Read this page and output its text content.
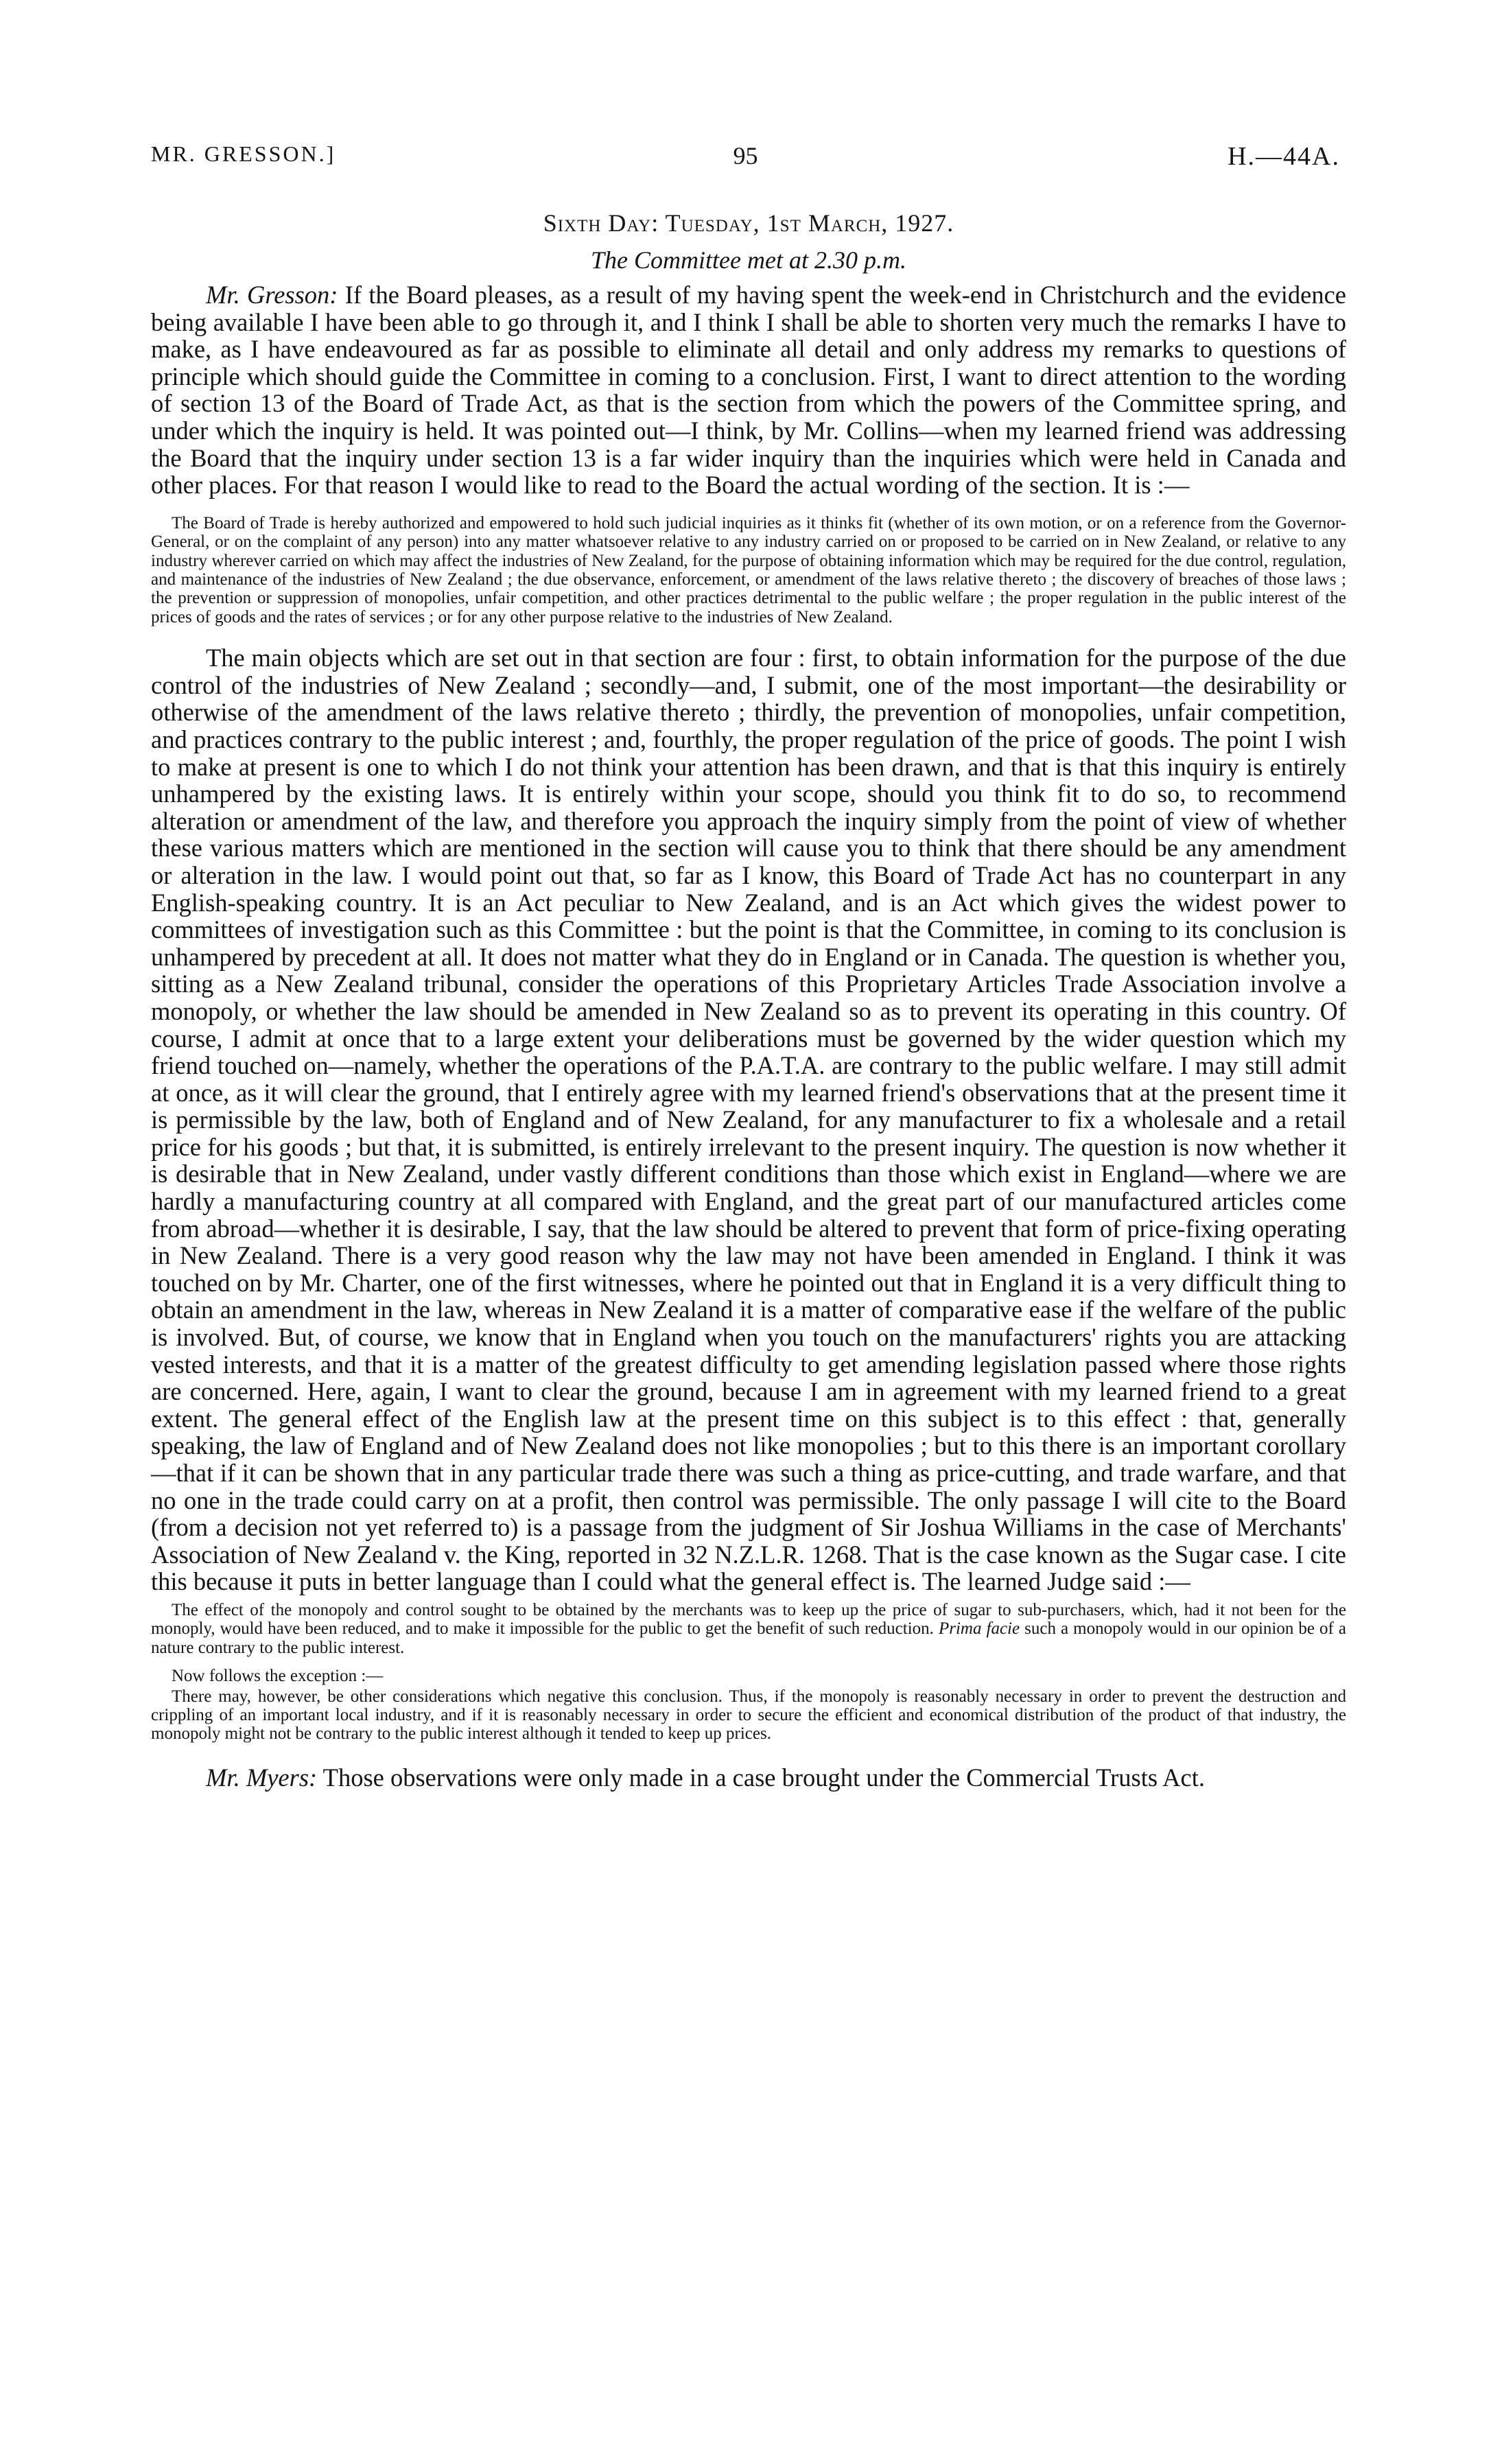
MR. GRESSON.]	95	H.—44A.
Sixth Day: Tuesday, 1st March, 1927.
The Committee met at 2.30 p.m.

Mr. Gresson: If the Board pleases, as a result of my having spent the week-end in Christchurch and the evidence being available I have been able to go through it, and I think I shall be able to shorten very much the remarks I have to make, as I have endeavoured as far as possible to eliminate all detail and only address my remarks to questions of principle which should guide the Committee in coming to a conclusion. First, I want to direct attention to the wording of section 13 of the Board of Trade Act, as that is the section from which the powers of the Committee spring, and under which the inquiry is held. It was pointed out—I think, by Mr. Collins—when my learned friend was addressing the Board that the inquiry under section 13 is a far wider inquiry than the inquiries which were held in Canada and other places. For that reason I would like to read to the Board the actual wording of the section. It is :—

The Board of Trade is hereby authorized and empowered to hold such judicial inquiries as it thinks fit (whether of its own motion, or on a reference from the Governor-General, or on the complaint of any person) into any matter whatsoever relative to any industry carried on or proposed to be carried on in New Zealand, or relative to any industry wherever carried on which may affect the industries of New Zealand, for the purpose of obtaining information which may be required for the due control, regulation, and maintenance of the industries of New Zealand ; the due observance, enforcement, or amendment of the laws relative thereto ; the discovery of breaches of those laws ; the prevention or suppression of monopolies, unfair competition, and other practices detrimental to the public welfare ; the proper regulation in the public interest of the prices of goods and the rates of services ; or for any other purpose relative to the industries of New Zealand.

The main objects which are set out in that section are four : first, to obtain information for the purpose of the due control of the industries of New Zealand ; secondly—and, I submit, one of the most important—the desirability or otherwise of the amendment of the laws relative thereto ; thirdly, the prevention of monopolies, unfair competition, and practices contrary to the public interest ; and, fourthly, the proper regulation of the price of goods. The point I wish to make at present is one to which I do not think your attention has been drawn, and that is that this inquiry is entirely unhampered by the existing laws. It is entirely within your scope, should you think fit to do so, to recommend alteration or amendment of the law, and therefore you approach the inquiry simply from the point of view of whether these various matters which are mentioned in the section will cause you to think that there should be any amendment or alteration in the law. I would point out that, so far as I know, this Board of Trade Act has no counterpart in any English-speaking country. It is an Act peculiar to New Zealand, and is an Act which gives the widest power to committees of investigation such as this Committee : but the point is that the Committee, in coming to its conclusion is unhampered by precedent at all. It does not matter what they do in England or in Canada. The question is whether you, sitting as a New Zealand tribunal, consider the operations of this Proprietary Articles Trade Association involve a monopoly, or whether the law should be amended in New Zealand so as to prevent its operating in this country. Of course, I admit at once that to a large extent your deliberations must be governed by the wider question which my friend touched on—namely, whether the operations of the P.A.T.A. are contrary to the public welfare. I may still admit at once, as it will clear the ground, that I entirely agree with my learned friend's observations that at the present time it is permissible by the law, both of England and of New Zealand, for any manufacturer to fix a wholesale and a retail price for his goods ; but that, it is submitted, is entirely irrelevant to the present inquiry. The question is now whether it is desirable that in New Zealand, under vastly different conditions than those which exist in England—where we are hardly a manufacturing country at all compared with England, and the great part of our manufactured articles come from abroad—whether it is desirable, I say, that the law should be altered to prevent that form of price-fixing operating in New Zealand. There is a very good reason why the law may not have been amended in England. I think it was touched on by Mr. Charter, one of the first witnesses, where he pointed out that in England it is a very difficult thing to obtain an amendment in the law, whereas in New Zealand it is a matter of comparative ease if the welfare of the public is involved. But, of course, we know that in England when you touch on the manufacturers' rights you are attacking vested interests, and that it is a matter of the greatest difficulty to get amending legislation passed where those rights are concerned. Here, again, I want to clear the ground, because I am in agreement with my learned friend to a great extent. The general effect of the English law at the present time on this subject is to this effect : that, generally speaking, the law of England and of New Zealand does not like monopolies ; but to this there is an important corollary—that if it can be shown that in any particular trade there was such a thing as price-cutting, and trade warfare, and that no one in the trade could carry on at a profit, then control was permissible. The only passage I will cite to the Board (from a decision not yet referred to) is a passage from the judgment of Sir Joshua Williams in the case of Merchants' Association of New Zealand v. the King, reported in 32 N.Z.L.R. 1268. That is the case known as the Sugar case. I cite this because it puts in better language than I could what the general effect is. The learned Judge said :—

The effect of the monopoly and control sought to be obtained by the merchants was to keep up the price of sugar to sub-purchasers, which, had it not been for the monoply, would have been reduced, and to make it impossible for the public to get the benefit of such reduction. Prima facie such a monopoly would in our opinion be of a nature contrary to the public interest.

Now follows the exception :—

There may, however, be other considerations which negative this conclusion. Thus, if the monopoly is reasonably necessary in order to prevent the destruction and crippling of an important local industry, and if it is reasonably necessary in order to secure the efficient and economical distribution of the product of that industry, the monopoly might not be contrary to the public interest although it tended to keep up prices.

Mr. Myers: Those observations were only made in a case brought under the Commercial Trusts Act.
